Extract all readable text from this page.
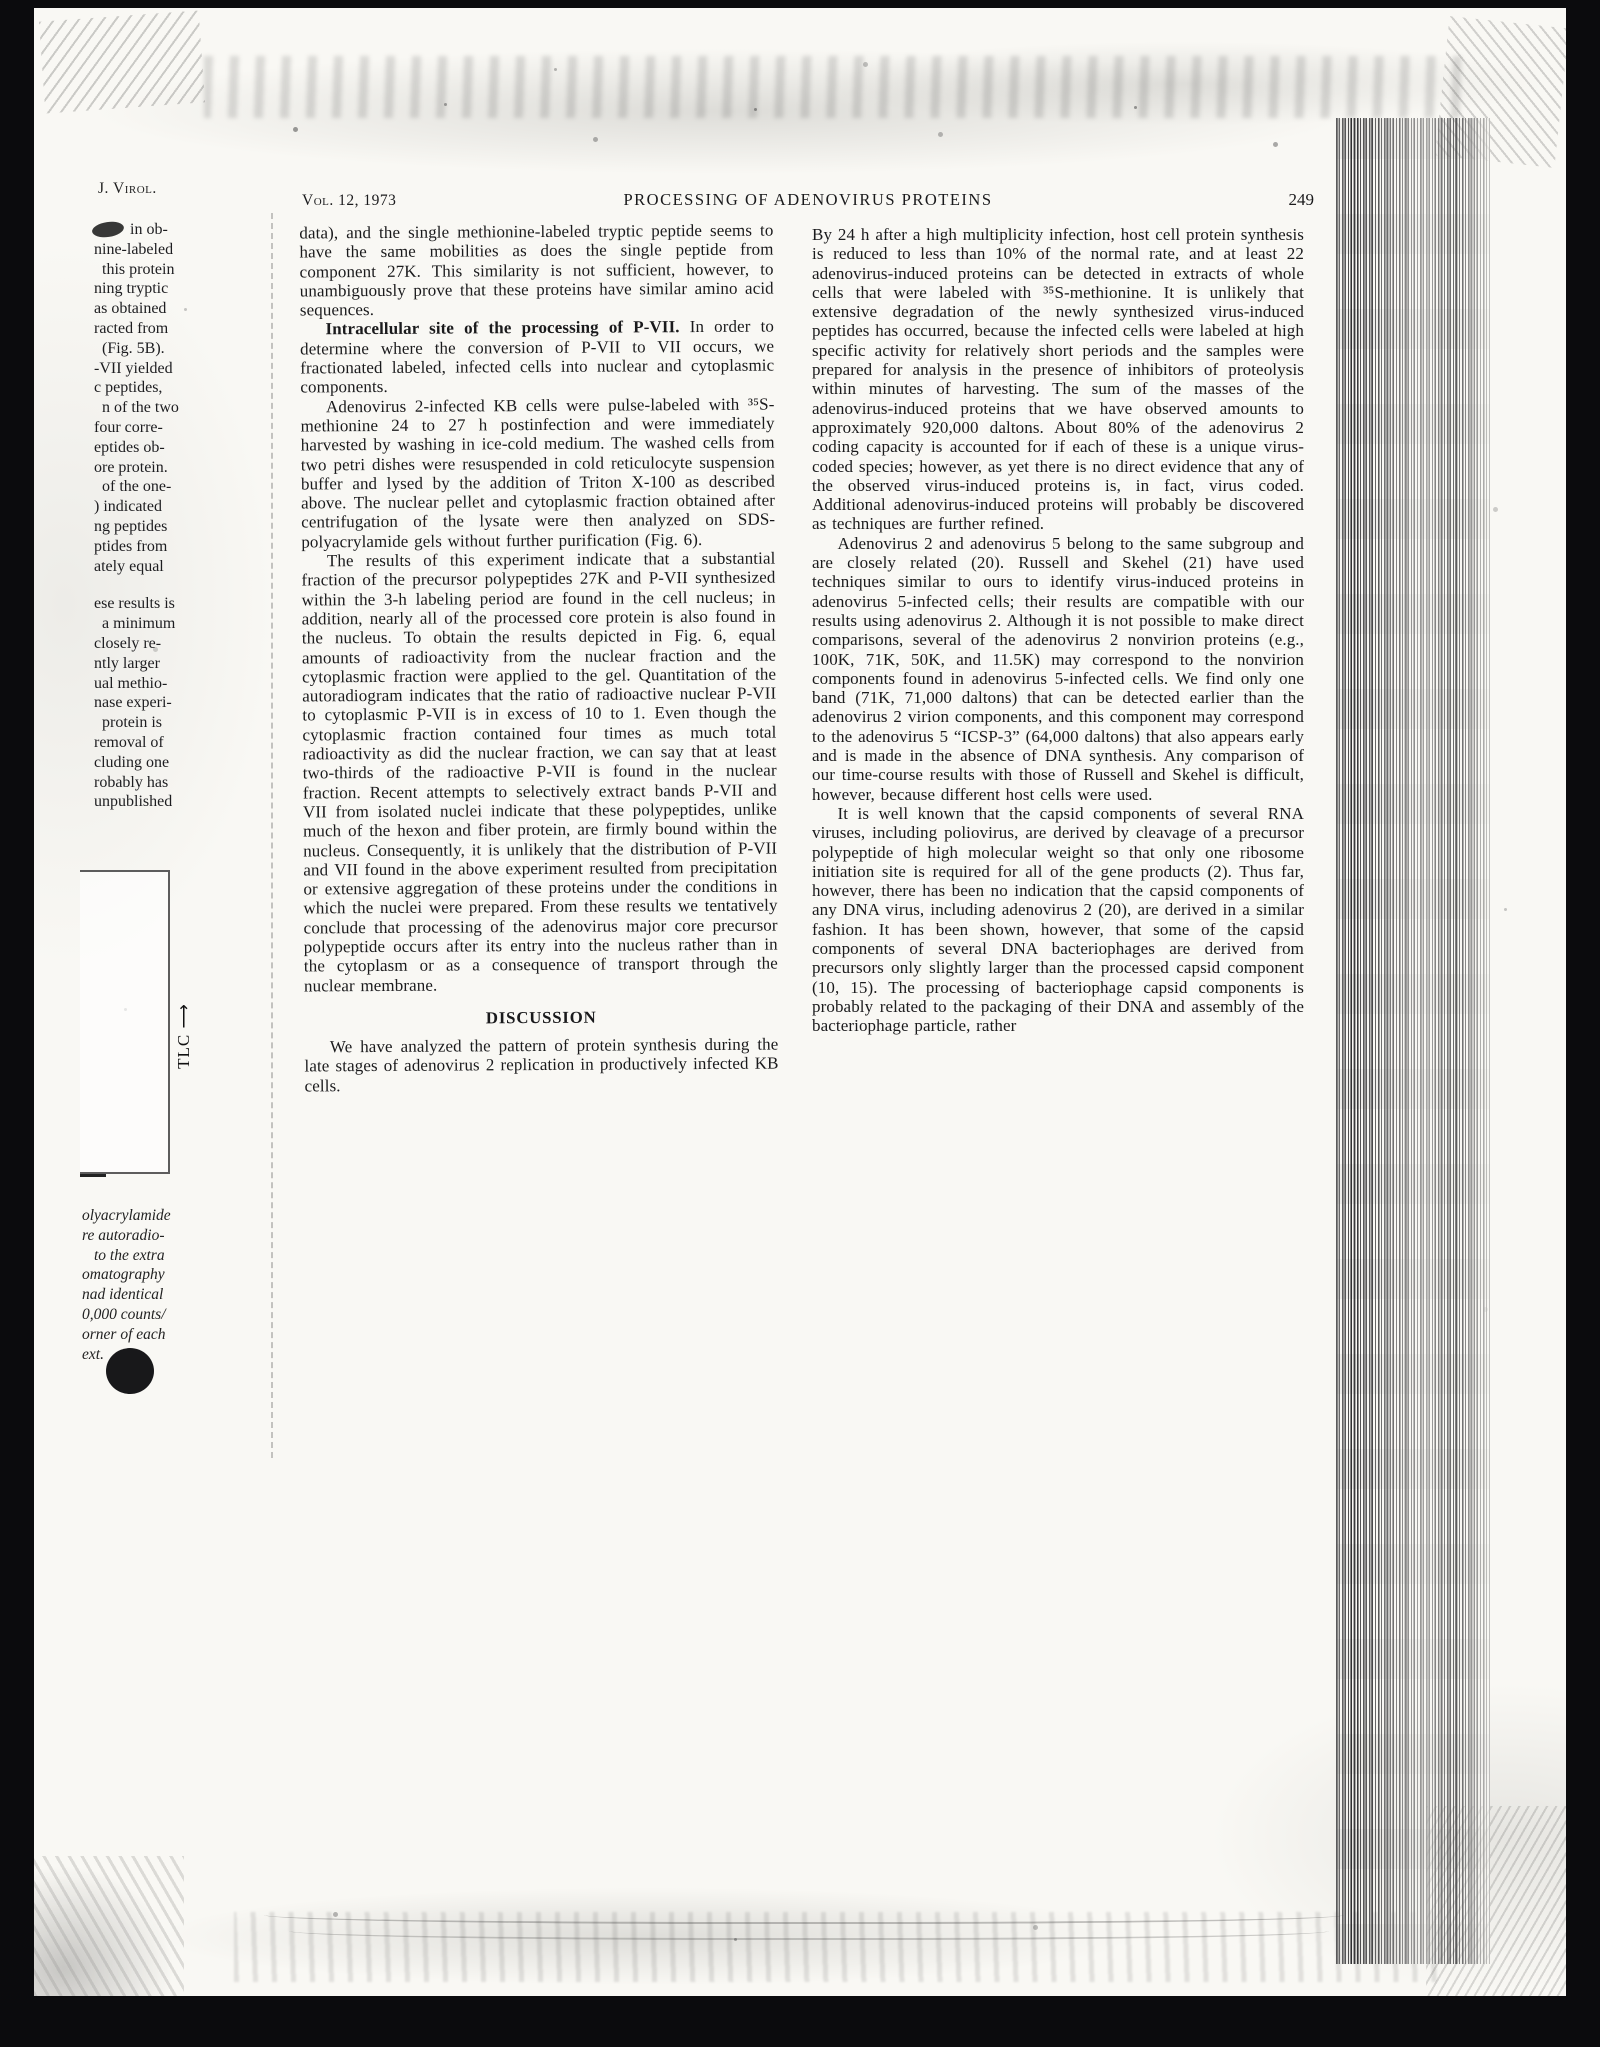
J. Virol.
in ob-
nine-labeled
this protein
ning tryptic
as obtained
racted from
(Fig. 5B).
-VII yielded
c peptides,
n of the two
four corre-
eptides ob-
ore protein.
of the one-
) indicated
ng peptides
ptides from
ately equal
ese results is
a minimum
closely re-
ntly larger
ual methio-
nase experi-
protein is
removal of
cluding one
robably has
unpublished
TLC ⟶
olyacrylamide
re autoradio-
to the extra
omatography
nad identical
0,000 counts/
orner of each
ext.
Vol. 12, 1973	PROCESSING OF ADENOVIRUS PROTEINS	249

data), and the single methionine-labeled tryptic peptide seems to have the same mobilities as does the single peptide from component 27K. This similarity is not sufficient, however, to unambiguously prove that these proteins have similar amino acid sequences.

Intracellular site of the processing of P-VII. In order to determine where the conversion of P-VII to VII occurs, we fractionated labeled, infected cells into nuclear and cytoplasmic components.

Adenovirus 2-infected KB cells were pulse-labeled with ³⁵S-methionine 24 to 27 h postinfection and were immediately harvested by washing in ice-cold medium. The washed cells from two petri dishes were resuspended in cold reticulocyte suspension buffer and lysed by the addition of Triton X-100 as described above. The nuclear pellet and cytoplasmic fraction obtained after centrifugation of the lysate were then analyzed on SDS-polyacrylamide gels without further purification (Fig. 6).

The results of this experiment indicate that a substantial fraction of the precursor polypeptides 27K and P-VII synthesized within the 3-h labeling period are found in the cell nucleus; in addition, nearly all of the processed core protein is also found in the nucleus. To obtain the results depicted in Fig. 6, equal amounts of radioactivity from the nuclear fraction and the cytoplasmic fraction were applied to the gel. Quantitation of the autoradiogram indicates that the ratio of radioactive nuclear P-VII to cytoplasmic P-VII is in excess of 10 to 1. Even though the cytoplasmic fraction contained four times as much total radioactivity as did the nuclear fraction, we can say that at least two-thirds of the radioactive P-VII is found in the nuclear fraction. Recent attempts to selectively extract bands P-VII and VII from isolated nuclei indicate that these polypeptides, unlike much of the hexon and fiber protein, are firmly bound within the nucleus. Consequently, it is unlikely that the distribution of P-VII and VII found in the above experiment resulted from precipitation or extensive aggregation of these proteins under the conditions in which the nuclei were prepared. From these results we tentatively conclude that processing of the adenovirus major core precursor polypeptide occurs after its entry into the nucleus rather than in the cytoplasm or as a consequence of transport through the nuclear membrane.

DISCUSSION

We have analyzed the pattern of protein synthesis during the late stages of adenovirus 2 replication in productively infected KB cells.

By 24 h after a high multiplicity infection, host cell protein synthesis is reduced to less than 10% of the normal rate, and at least 22 adenovirus-induced proteins can be detected in extracts of whole cells that were labeled with ³⁵S-methionine. It is unlikely that extensive degradation of the newly synthesized virus-induced peptides has occurred, because the infected cells were labeled at high specific activity for relatively short periods and the samples were prepared for analysis in the presence of inhibitors of proteolysis within minutes of harvesting. The sum of the masses of the adenovirus-induced proteins that we have observed amounts to approximately 920,000 daltons. About 80% of the adenovirus 2 coding capacity is accounted for if each of these is a unique virus-coded species; however, as yet there is no direct evidence that any of the observed virus-induced proteins is, in fact, virus coded. Additional adenovirus-induced proteins will probably be discovered as techniques are further refined.

Adenovirus 2 and adenovirus 5 belong to the same subgroup and are closely related (20). Russell and Skehel (21) have used techniques similar to ours to identify virus-induced proteins in adenovirus 5-infected cells; their results are compatible with our results using adenovirus 2. Although it is not possible to make direct comparisons, several of the adenovirus 2 nonvirion proteins (e.g., 100K, 71K, 50K, and 11.5K) may correspond to the nonvirion components found in adenovirus 5-infected cells. We find only one band (71K, 71,000 daltons) that can be detected earlier than the adenovirus 2 virion components, and this component may correspond to the adenovirus 5 “ICSP-3” (64,000 daltons) that also appears early and is made in the absence of DNA synthesis. Any comparison of our time-course results with those of Russell and Skehel is difficult, however, because different host cells were used.

It is well known that the capsid components of several RNA viruses, including poliovirus, are derived by cleavage of a precursor polypeptide of high molecular weight so that only one ribosome initiation site is required for all of the gene products (2). Thus far, however, there has been no indication that the capsid components of any DNA virus, including adenovirus 2 (20), are derived in a similar fashion. It has been shown, however, that some of the capsid components of several DNA bacteriophages are derived from precursors only slightly larger than the processed capsid component (10, 15). The processing of bacteriophage capsid components is probably related to the packaging of their DNA and assembly of the bacteriophage particle, rather
